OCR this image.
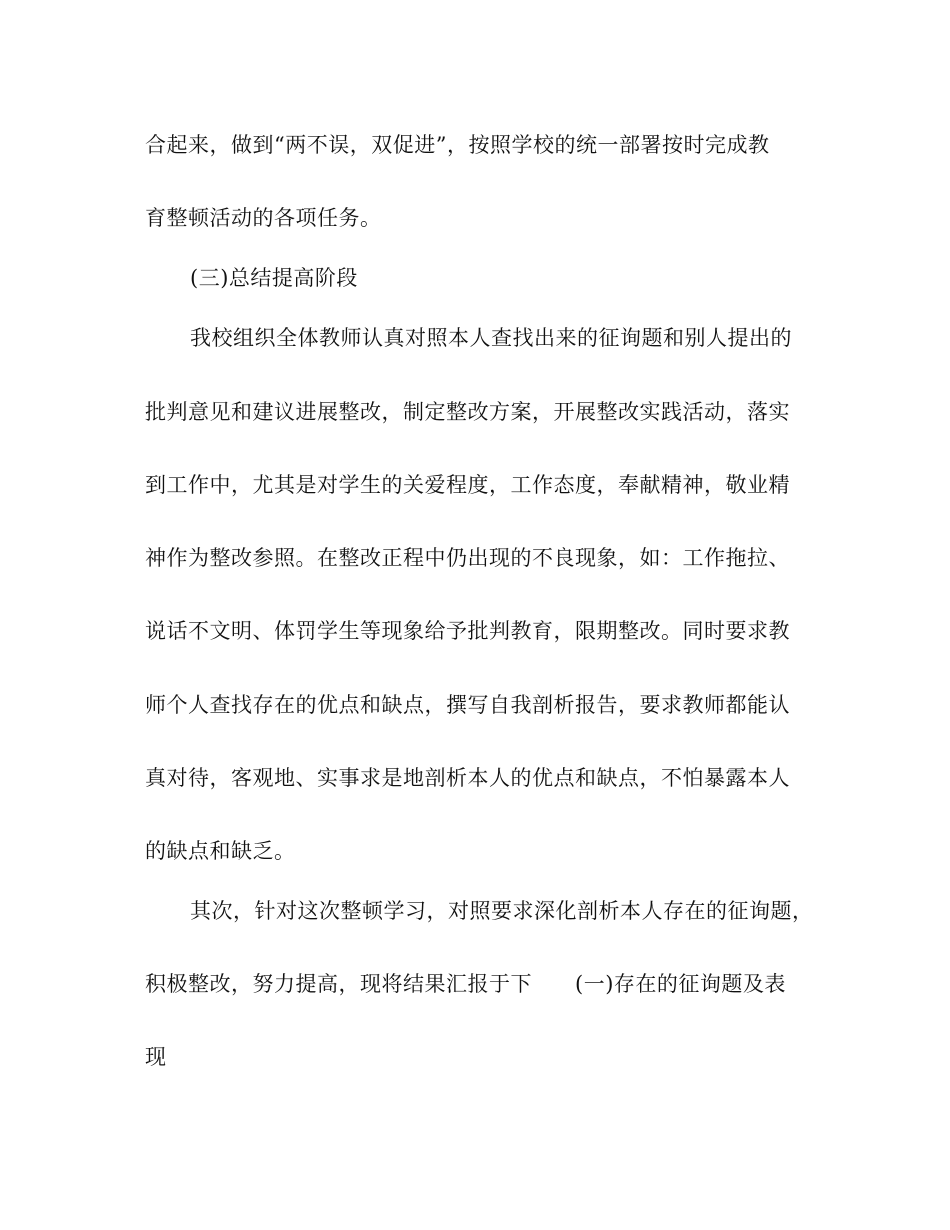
合起来，做到“两不误，双促进”，按照学校的统一部署按时完成教
育整顿活动的各项任务。
(三)总结提高阶段
我校组织全体教师认真对照本人查找出来的征询题和别人提出的
批判意见和建议进展整改，制定整改方案，开展整改实践活动，落实
到工作中，尤其是对学生的关爱程度，工作态度，奉献精神，敬业精
神作为整改参照。在整改正程中仍出现的不良现象，如：工作拖拉、
说话不文明、体罚学生等现象给予批判教育，限期整改。同时要求教
师个人查找存在的优点和缺点，撰写自我剖析报告，要求教师都能认
真对待，客观地、实事求是地剖析本人的优点和缺点，不怕暴露本人
的缺点和缺乏。
其次，针对这次整顿学习，对照要求深化剖析本人存在的征询题，
积极整改，努力提高，现将结果汇报于下　　(一)存在的征询题及表
现
